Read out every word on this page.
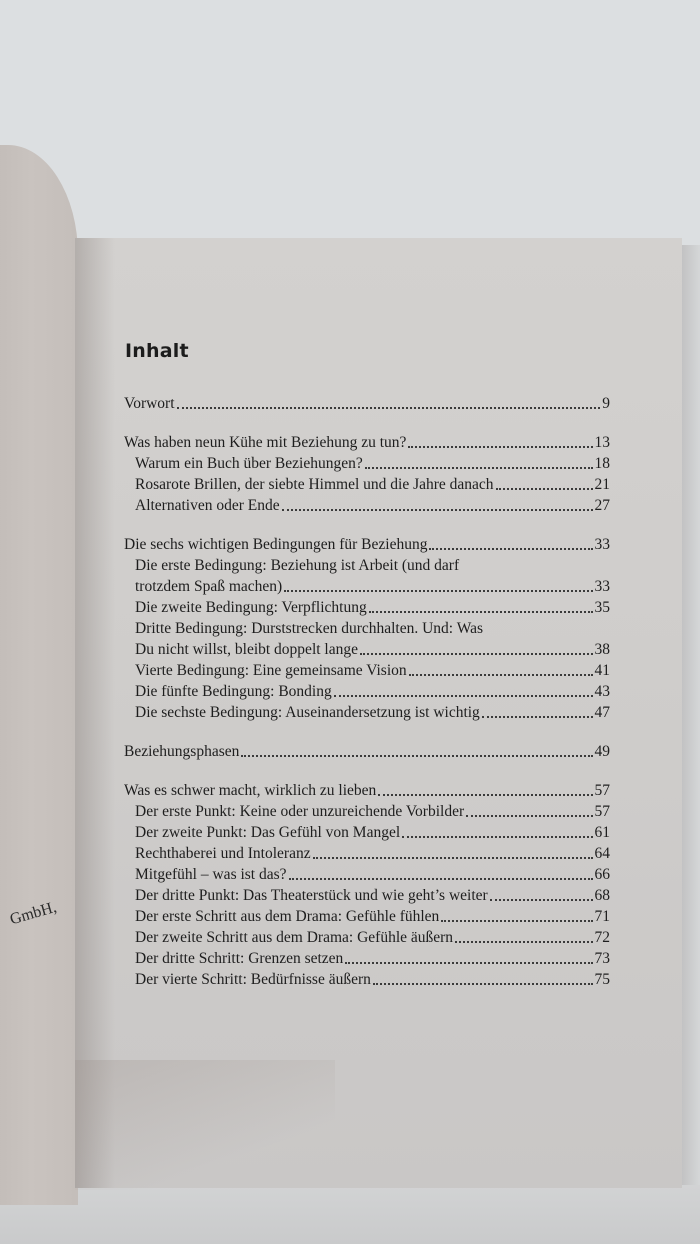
GmbH,
Inhalt
Vorwort	9
Was haben neun Kühe mit Beziehung zu tun?	13
Warum ein Buch über Beziehungen?	18
Rosarote Brillen, der siebte Himmel und die Jahre danach	21
Alternativen oder Ende	27
Die sechs wichtigen Bedingungen für Beziehung	33
Die erste Bedingung: Beziehung ist Arbeit (und darf
trotzdem Spaß machen)	33
Die zweite Bedingung: Verpflichtung	35
Dritte Bedingung: Durststrecken durchhalten. Und: Was
Du nicht willst, bleibt doppelt lange	38
Vierte Bedingung: Eine gemeinsame Vision	41
Die fünfte Bedingung: Bonding	43
Die sechste Bedingung: Auseinandersetzung ist wichtig	47
Beziehungsphasen	49
Was es schwer macht, wirklich zu lieben	57
Der erste Punkt: Keine oder unzureichende Vorbilder	57
Der zweite Punkt: Das Gefühl von Mangel	61
Rechthaberei und Intoleranz	64
Mitgefühl – was ist das?	66
Der dritte Punkt: Das Theaterstück und wie geht’s weiter	68
Der erste Schritt aus dem Drama: Gefühle fühlen	71
Der zweite Schritt aus dem Drama: Gefühle äußern	72
Der dritte Schritt: Grenzen setzen	73
Der vierte Schritt: Bedürfnisse äußern	75
